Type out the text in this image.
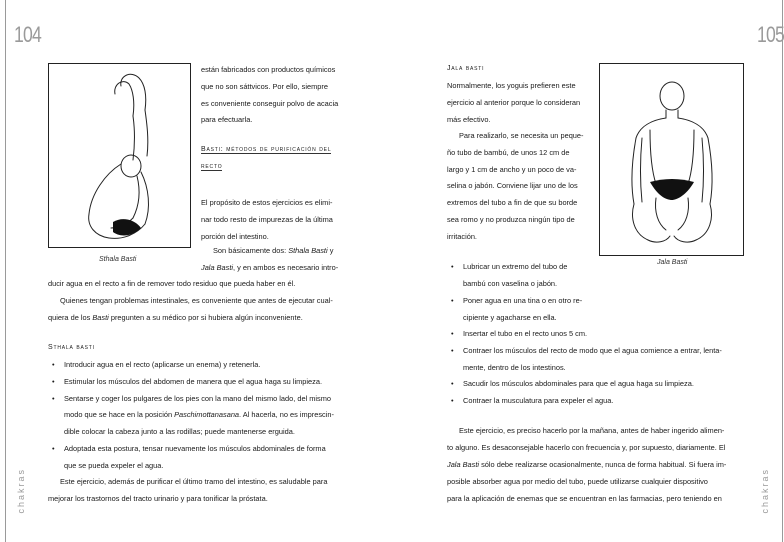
104	105
chakras	chakras
Sthala Basti	Jala Basti
están fabricados con productos químicos
que no son sáttvicos. Por ello, siempre
es conveniente conseguir polvo de acacia
para efectuarla.
Basti: métodos de purificación del
recto
El propósito de estos ejercicios es elimi-
nar todo resto de impurezas de la última
porción del intestino.
Son básicamente dos: Sthala Basti y
Jala Basti, y en ambos es necesario intro-
ducir agua en el recto a fin de remover todo residuo que pueda haber en él.
Quienes tengan problemas intestinales, es conveniente que antes de ejecutar cual-
quiera de los Basti pregunten a su médico por si hubiera algún inconveniente.
Sthala basti
• Introducir agua en el recto (aplicarse un enema) y retenerla.
• Estimular los músculos del abdomen de manera que el agua haga su limpieza.
• Sentarse y coger los pulgares de los pies con la mano del mismo lado, del mismo
modo que se hace en la posición Paschimottanasana. Al hacerla, no es imprescin-
dible colocar la cabeza junto a las rodillas; puede mantenerse erguida.
• Adoptada esta postura, tensar nuevamente los músculos abdominales de forma
que se pueda expeler el agua.
Este ejercicio, además de purificar el último tramo del intestino, es saludable para
mejorar los trastornos del tracto urinario y para tonificar la próstata.
Jala basti
Normalmente, los yoguis prefieren este
ejercicio al anterior porque lo consideran
más efectivo.
Para realizarlo, se necesita un peque-
ño tubo de bambú, de unos 12 cm de
largo y 1 cm de ancho y un poco de va-
selina o jabón. Conviene lijar uno de los
extremos del tubo a fin de que su borde
sea romo y no produzca ningún tipo de
irritación.
• Lubricar un extremo del tubo de
bambú con vaselina o jabón.
• Poner agua en una tina o en otro re-
cipiente y agacharse en ella.
• Insertar el tubo en el recto unos 5 cm.
• Contraer los músculos del recto de modo que el agua comience a entrar, lenta-
mente, dentro de los intestinos.
• Sacudir los músculos abdominales para que el agua haga su limpieza.
• Contraer la musculatura para expeler el agua.
Este ejercicio, es preciso hacerlo por la mañana, antes de haber ingerido alimen-
to alguno. Es desaconsejable hacerlo con frecuencia y, por supuesto, diariamente. El
Jala Basti sólo debe realizarse ocasionalmente, nunca de forma habitual. Si fuera im-
posible absorber agua por medio del tubo, puede utilizarse cualquier dispositivo
para la aplicación de enemas que se encuentran en las farmacias, pero teniendo en
